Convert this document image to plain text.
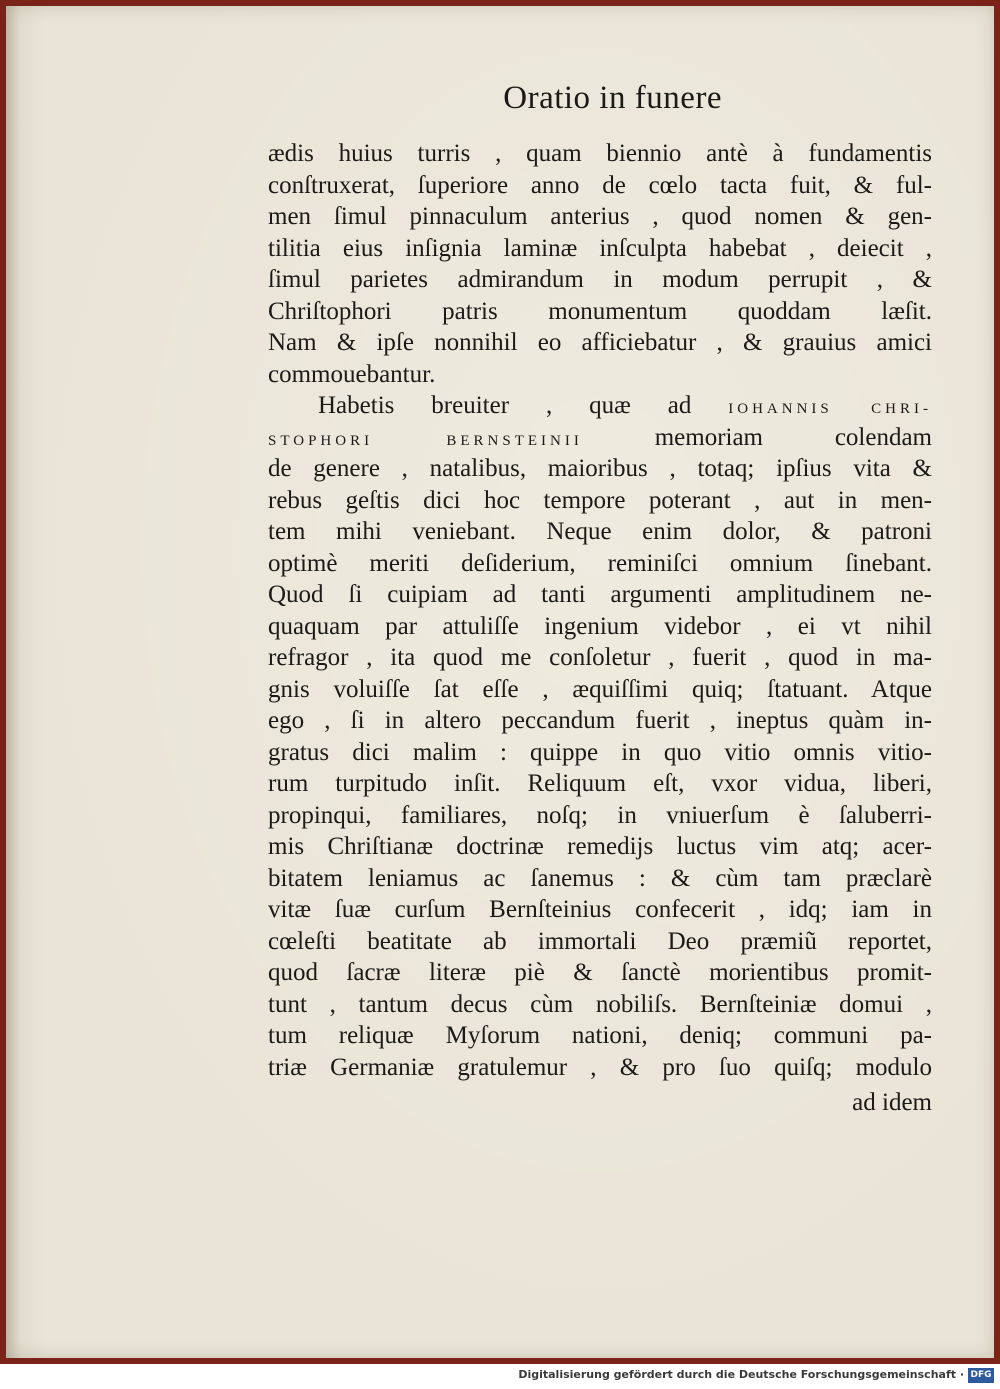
Oratio in funere
ædis huius turris , quam biennio antè à fundamentis
conſtruxerat, ſuperiore anno de cœlo tacta fuit, & ful-
men ſimul pinnaculum anterius , quod nomen & gen-
tilitia eius inſignia laminæ inſculpta habebat , deiecit ,
ſimul parietes admirandum in modum perrupit , &
Chriſtophori patris monumentum quoddam læſit.
Nam & ipſe nonnihil eo afficiebatur , & grauius amici
commouebantur.
Habetis breuiter , quæ ad IOHANNIS CHRI-
STOPHORI BERNSTEINII memoriam colendam
de genere , natalibus, maioribus , totaq; ipſius vita &
rebus geſtis dici hoc tempore poterant , aut in men-
tem mihi veniebant. Neque enim dolor, & patroni
optimè meriti deſiderium, reminiſci omnium ſinebant.
Quod ſi cuipiam ad tanti argumenti amplitudinem ne-
quaquam par attuliſſe ingenium videbor , ei vt nihil
refragor , ita quod me conſoletur , fuerit , quod in ma-
gnis voluiſſe ſat eſſe , æquiſſimi quiq; ſtatuant. Atque
ego , ſi in altero peccandum fuerit , ineptus quàm in-
gratus dici malim : quippe in quo vitio omnis vitio-
rum turpitudo inſit. Reliquum eſt, vxor vidua, liberi,
propinqui, familiares, noſq; in vniuerſum è ſaluberri-
mis Chriſtianæ doctrinæ remedijs luctus vim atq; acer-
bitatem leniamus ac ſanemus : & cùm tam præclarè
vitæ ſuæ curſum Bernſteinius confecerit , idq; iam in
cœleſti beatitate ab immortali Deo præmiũ reportet,
quod ſacræ literæ piè & ſanctè morientibus promit-
tunt , tantum decus cùm nobiliſs. Bernſteiniæ domui ,
tum reliquæ Myſorum nationi, deniq; communi pa-
triæ Germaniæ gratulemur , & pro ſuo quiſq; modulo
ad idem
Digitalisierung gefördert durch die Deutsche Forschungsgemeinschaft · DFG
